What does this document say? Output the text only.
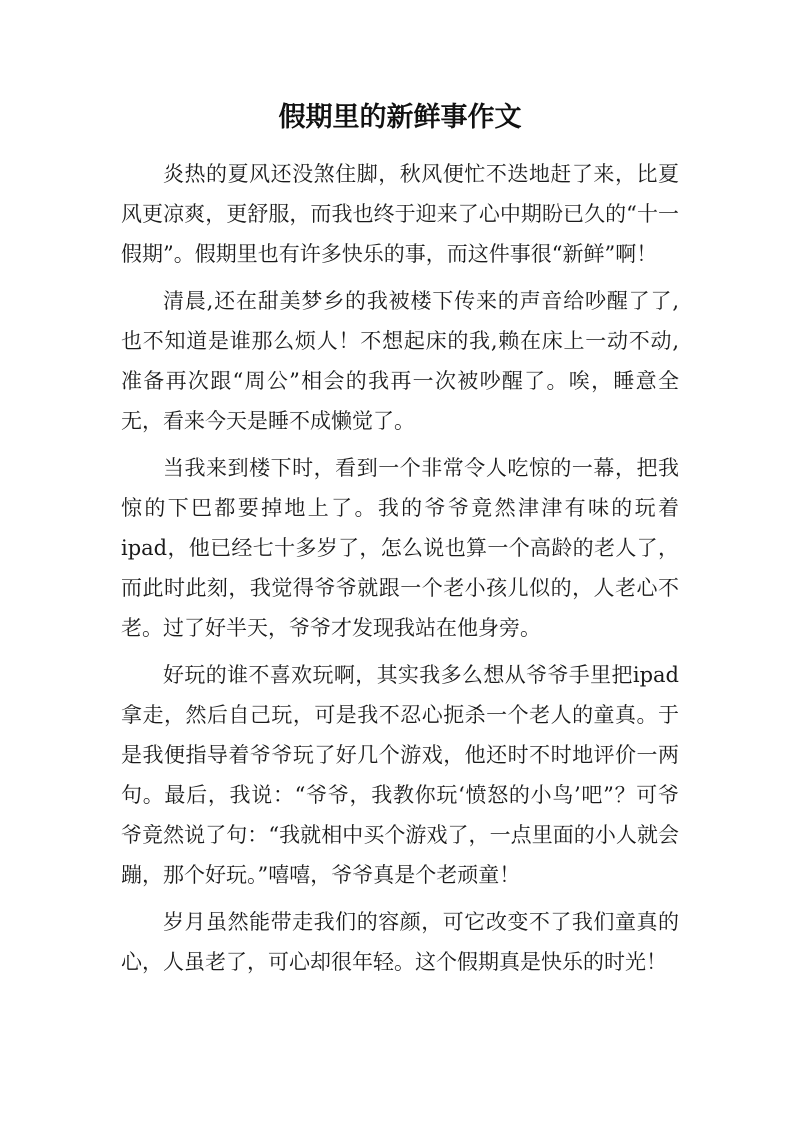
假期里的新鲜事作文

炎热的夏风还没煞住脚，秋风便忙不迭地赶了来，比夏风更凉爽，更舒服，而我也终于迎来了心中期盼已久的“十一假期”。假期里也有许多快乐的事，而这件事很“新鲜”啊！

清晨,还在甜美梦乡的我被楼下传来的声音给吵醒了了,也不知道是谁那么烦人！不想起床的我,赖在床上一动不动,准备再次跟“周公”相会的我再一次被吵醒了。唉，睡意全无，看来今天是睡不成懒觉了。

当我来到楼下时，看到一个非常令人吃惊的一幕，把我惊的下巴都要掉地上了。我的爷爷竟然津津有味的玩着ipad，他已经七十多岁了，怎么说也算一个高龄的老人了，而此时此刻，我觉得爷爷就跟一个老小孩儿似的，人老心不老。过了好半天，爷爷才发现我站在他身旁。

好玩的谁不喜欢玩啊，其实我多么想从爷爷手里把ipad拿走，然后自己玩，可是我不忍心扼杀一个老人的童真。于是我便指导着爷爷玩了好几个游戏，他还时不时地评价一两句。最后，我说：“爷爷，我教你玩‘愤怒的小鸟’吧”？可爷爷竟然说了句：“我就相中买个游戏了，一点里面的小人就会蹦，那个好玩。”嘻嘻，爷爷真是个老顽童！

岁月虽然能带走我们的容颜，可它改变不了我们童真的心，人虽老了，可心却很年轻。这个假期真是快乐的时光！
